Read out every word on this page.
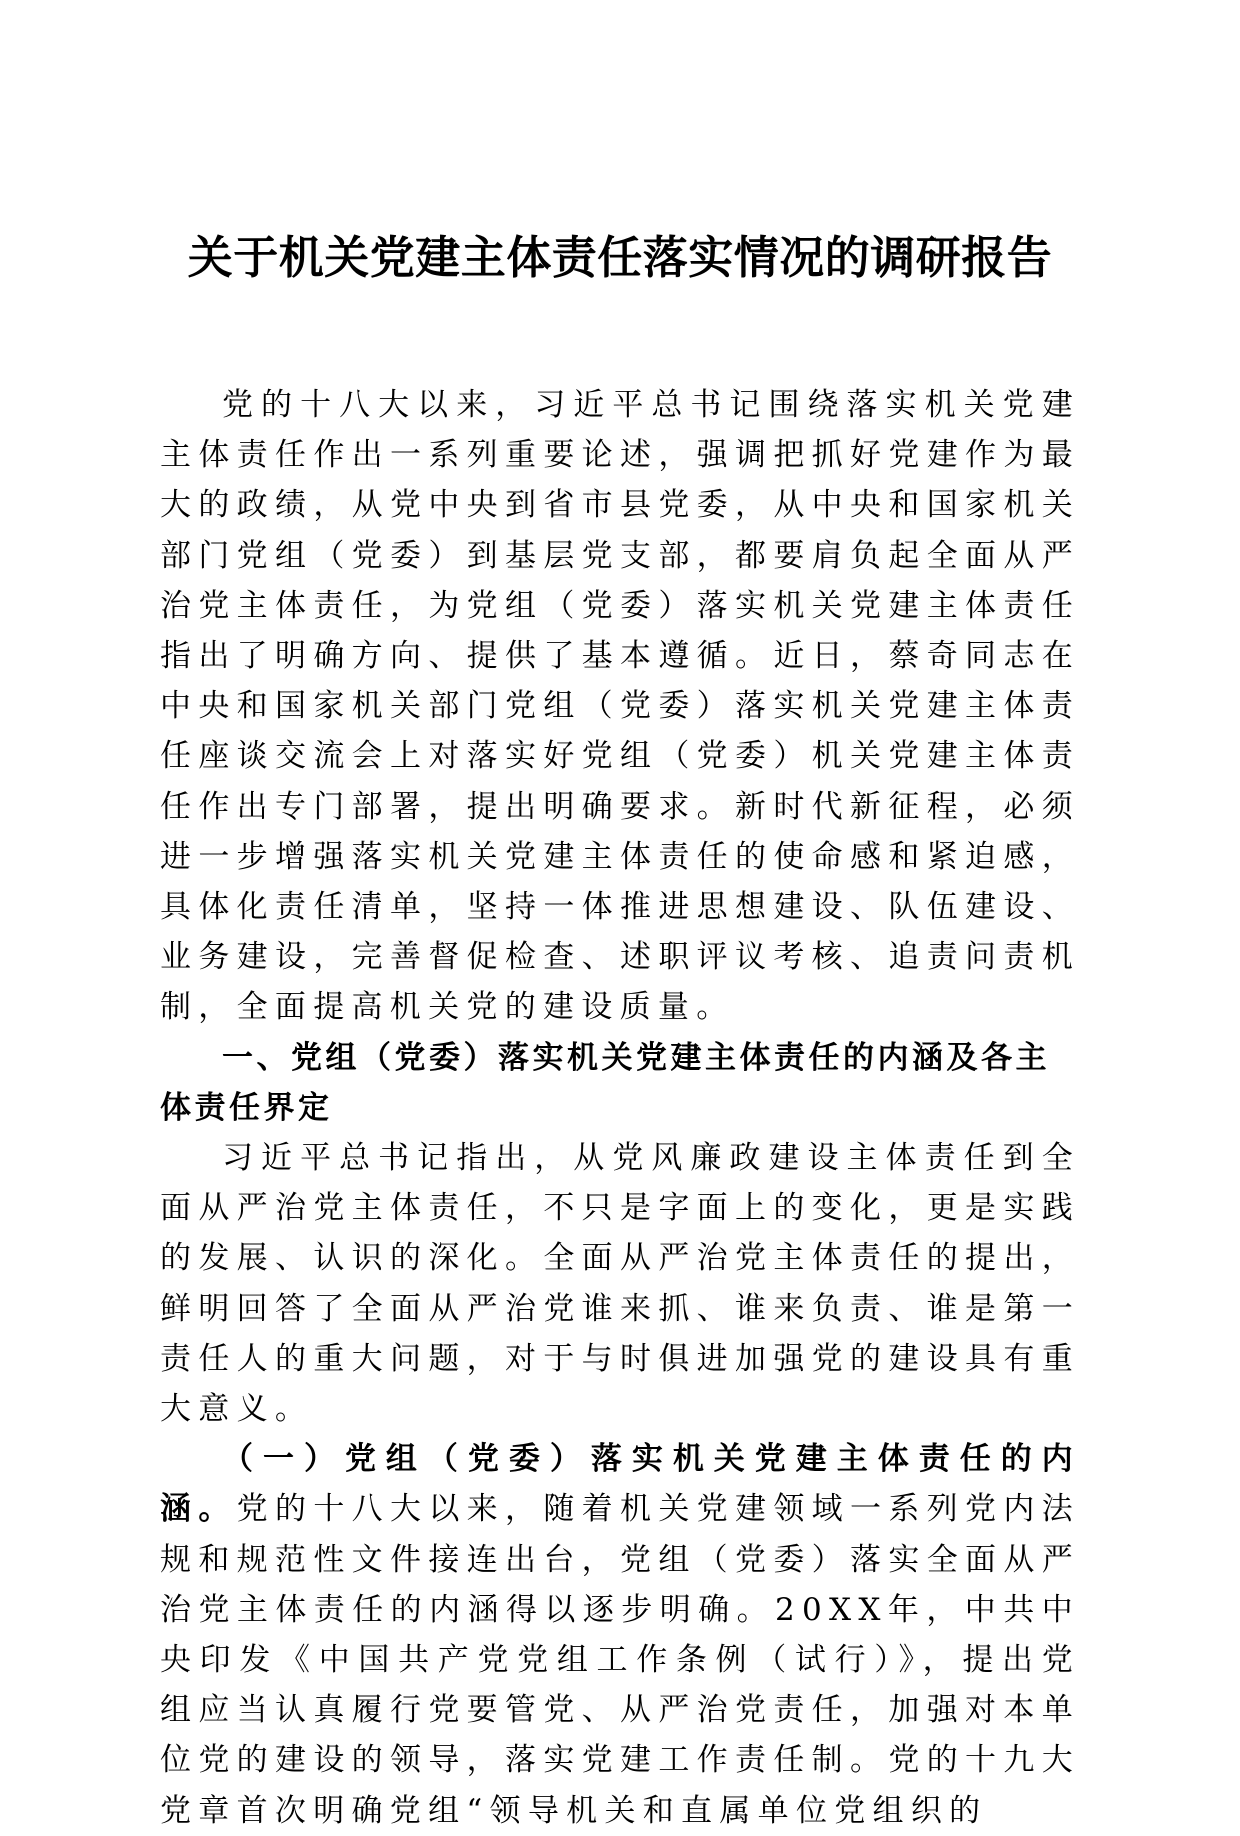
关于机关党建主体责任落实情况的调研报告

党的十八大以来，习近平总书记围绕落实机关党建主体责任作出一系列重要论述，强调把抓好党建作为最大的政绩，从党中央到省市县党委，从中央和国家机关部门党组（党委）到基层党支部，都要肩负起全面从严治党主体责任，为党组（党委）落实机关党建主体责任指出了明确方向、提供了基本遵循。近日，蔡奇同志在中央和国家机关部门党组（党委）落实机关党建主体责任座谈交流会上对落实好党组（党委）机关党建主体责任作出专门部署，提出明确要求。新时代新征程，必须进一步增强落实机关党建主体责任的使命感和紧迫感，具体化责任清单，坚持一体推进思想建设、队伍建设、业务建设，完善督促检查、述职评议考核、追责问责机制，全面提高机关党的建设质量。

一、党组（党委）落实机关党建主体责任的内涵及各主体责任界定

习近平总书记指出，从党风廉政建设主体责任到全面从严治党主体责任，不只是字面上的变化，更是实践的发展、认识的深化。全面从严治党主体责任的提出，鲜明回答了全面从严治党谁来抓、谁来负责、谁是第一责任人的重大问题，对于与时俱进加强党的建设具有重大意义。

（一）党组（党委）落实机关党建主体责任的内涵。党的十八大以来，随着机关党建领域一系列党内法规和规范性文件接连出台，党组（党委）落实全面从严治党主体责任的内涵得以逐步明确。20XX年，中共中央印发《中国共产党党组工作条例（试行）》，提出党组应当认真履行党要管党、从严治党责任，加强对本单位党的建设的领导，落实党建工作责任制。党的十九大党章首次明确党组“领导机关和直属单位党组织的
